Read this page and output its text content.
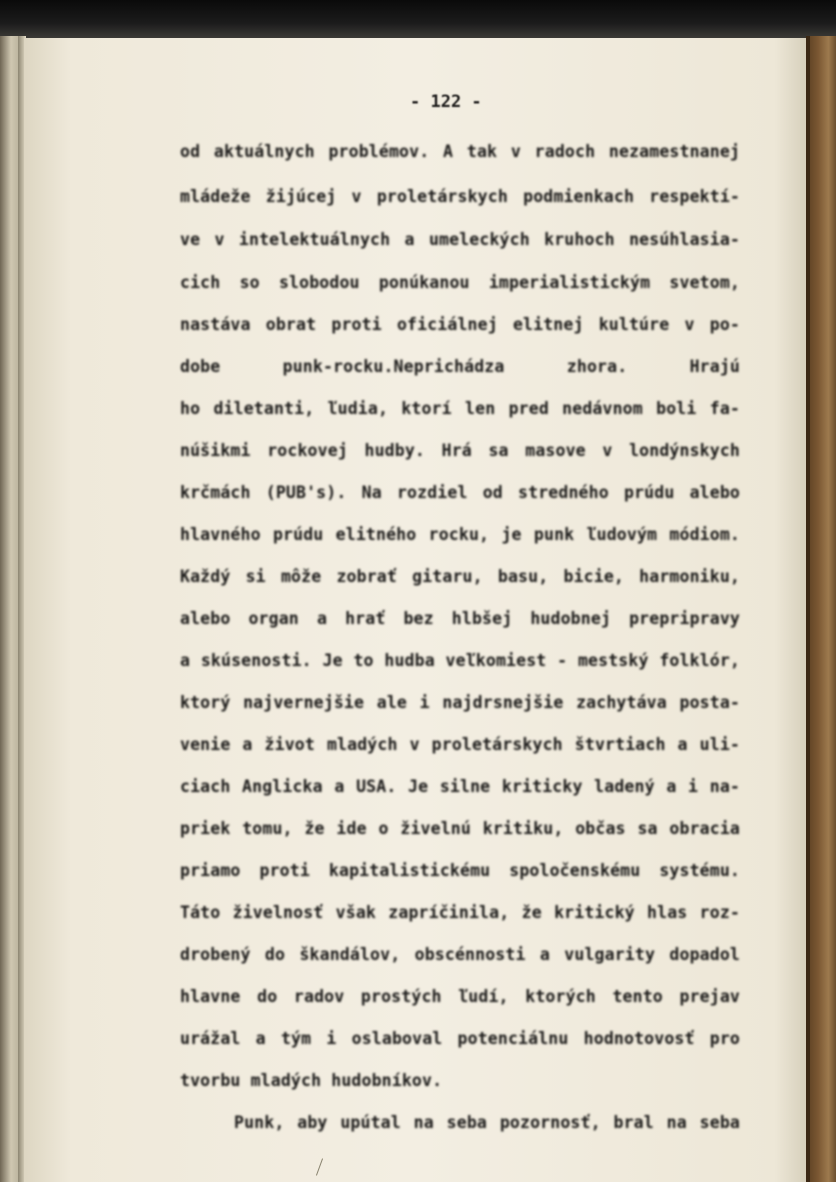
- 122 -
od aktuálnych problémov. A tak v radoch nezamestnanej
mládeže žijúcej v proletárskych podmienkach respektí-
ve v intelektuálnych a umeleckých kruhoch nesúhlasia-
cich so slobodou ponúkanou imperialistickým svetom,
nastáva obrat proti oficiálnej elitnej kultúre v po-
dobe punk-rocku.Neprichádza zhora. Hrajú
ho diletanti, ľudia, ktorí len pred nedávnom boli fa-
núšikmi rockovej hudby. Hrá sa masove v londýnskych
krčmách (PUB's). Na rozdiel od stredného prúdu alebo
hlavného prúdu elitného rocku, je punk ľudovým módiom.
Každý si môže zobrať gitaru, basu, bicie, harmoniku,
alebo organ a hrať bez hlbšej hudobnej prepripravy
a skúsenosti. Je to hudba veľkomiest - mestský folklór,
ktorý najvernejšie ale i najdrsnejšie zachytáva posta-
venie a život mladých v proletárskych štvrtiach a uli-
ciach Anglicka a USA. Je silne kriticky ladený a i na-
priek tomu, že ide o živelnú kritiku, občas sa obracia
priamo proti kapitalistickému spoločenskému systému.
Táto živelnosť však zapríčinila, že kritický hlas roz-
drobený do škandálov, obscénnosti a vulgarity dopadol
hlavne do radov prostých ľudí, ktorých tento prejav
urážal a tým i oslaboval potenciálnu hodnotovosť pro
tvorbu mladých hudobníkov.
Punk, aby upútal na seba pozornosť, bral na seba
